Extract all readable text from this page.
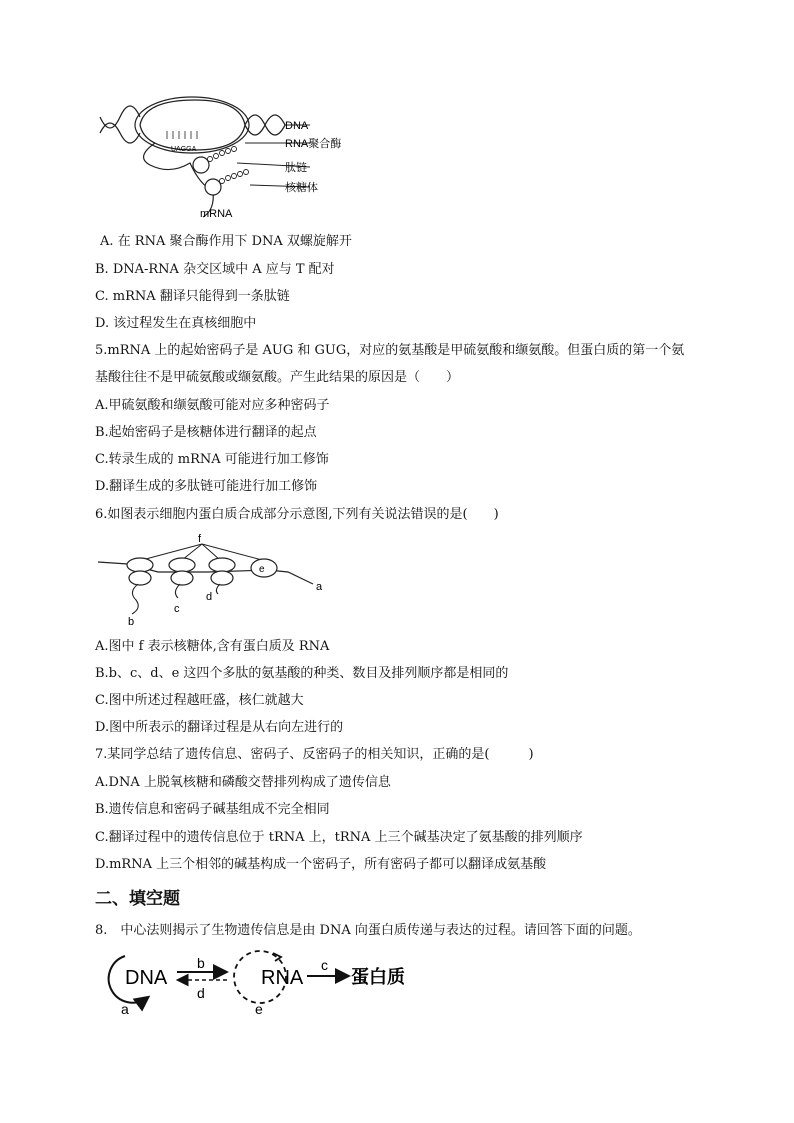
UAGGA
DNA
RNA聚合酶
肽链
核糖体
mRNA
A. 在 RNA 聚合酶作用下 DNA 双螺旋解开
B. DNA-RNA 杂交区域中 A 应与 T 配对
C. mRNA 翻译只能得到一条肽链
D. 该过程发生在真核细胞中
5.mRNA 上的起始密码子是 AUG 和 GUG，对应的氨基酸是甲硫氨酸和缬氨酸。但蛋白质的第一个氨
基酸往往不是甲硫氨酸或缬氨酸。产生此结果的原因是（　　）
A.甲硫氨酸和缬氨酸可能对应多种密码子
B.起始密码子是核糖体进行翻译的起点
C.转录生成的 mRNA 可能进行加工修饰
D.翻译生成的多肽链可能进行加工修饰
6.如图表示细胞内蛋白质合成部分示意图,下列有关说法错误的是(　　)
f
e
a
b
c
d
A.图中 f 表示核糖体,含有蛋白质及 RNA
B.b、c、d、e 这四个多肽的氨基酸的种类、数目及排列顺序都是相同的
C.图中所述过程越旺盛，核仁就越大
D.图中所表示的翻译过程是从右向左进行的
7.某同学总结了遗传信息、密码子、反密码子的相关知识，正确的是(　　　)
A.DNA 上脱氧核糖和磷酸交替排列构成了遗传信息
B.遗传信息和密码子碱基组成不完全相同
C.翻译过程中的遗传信息位于 tRNA 上，tRNA 上三个碱基决定了氨基酸的排列顺序
D.mRNA 上三个相邻的碱基构成一个密码子，所有密码子都可以翻译成氨基酸
二、填空题
8.　中心法则揭示了生物遗传信息是由 DNA 向蛋白质传递与表达的过程。请回答下面的问题。
DNA
a
b
d
RNA
e
c
蛋白质
